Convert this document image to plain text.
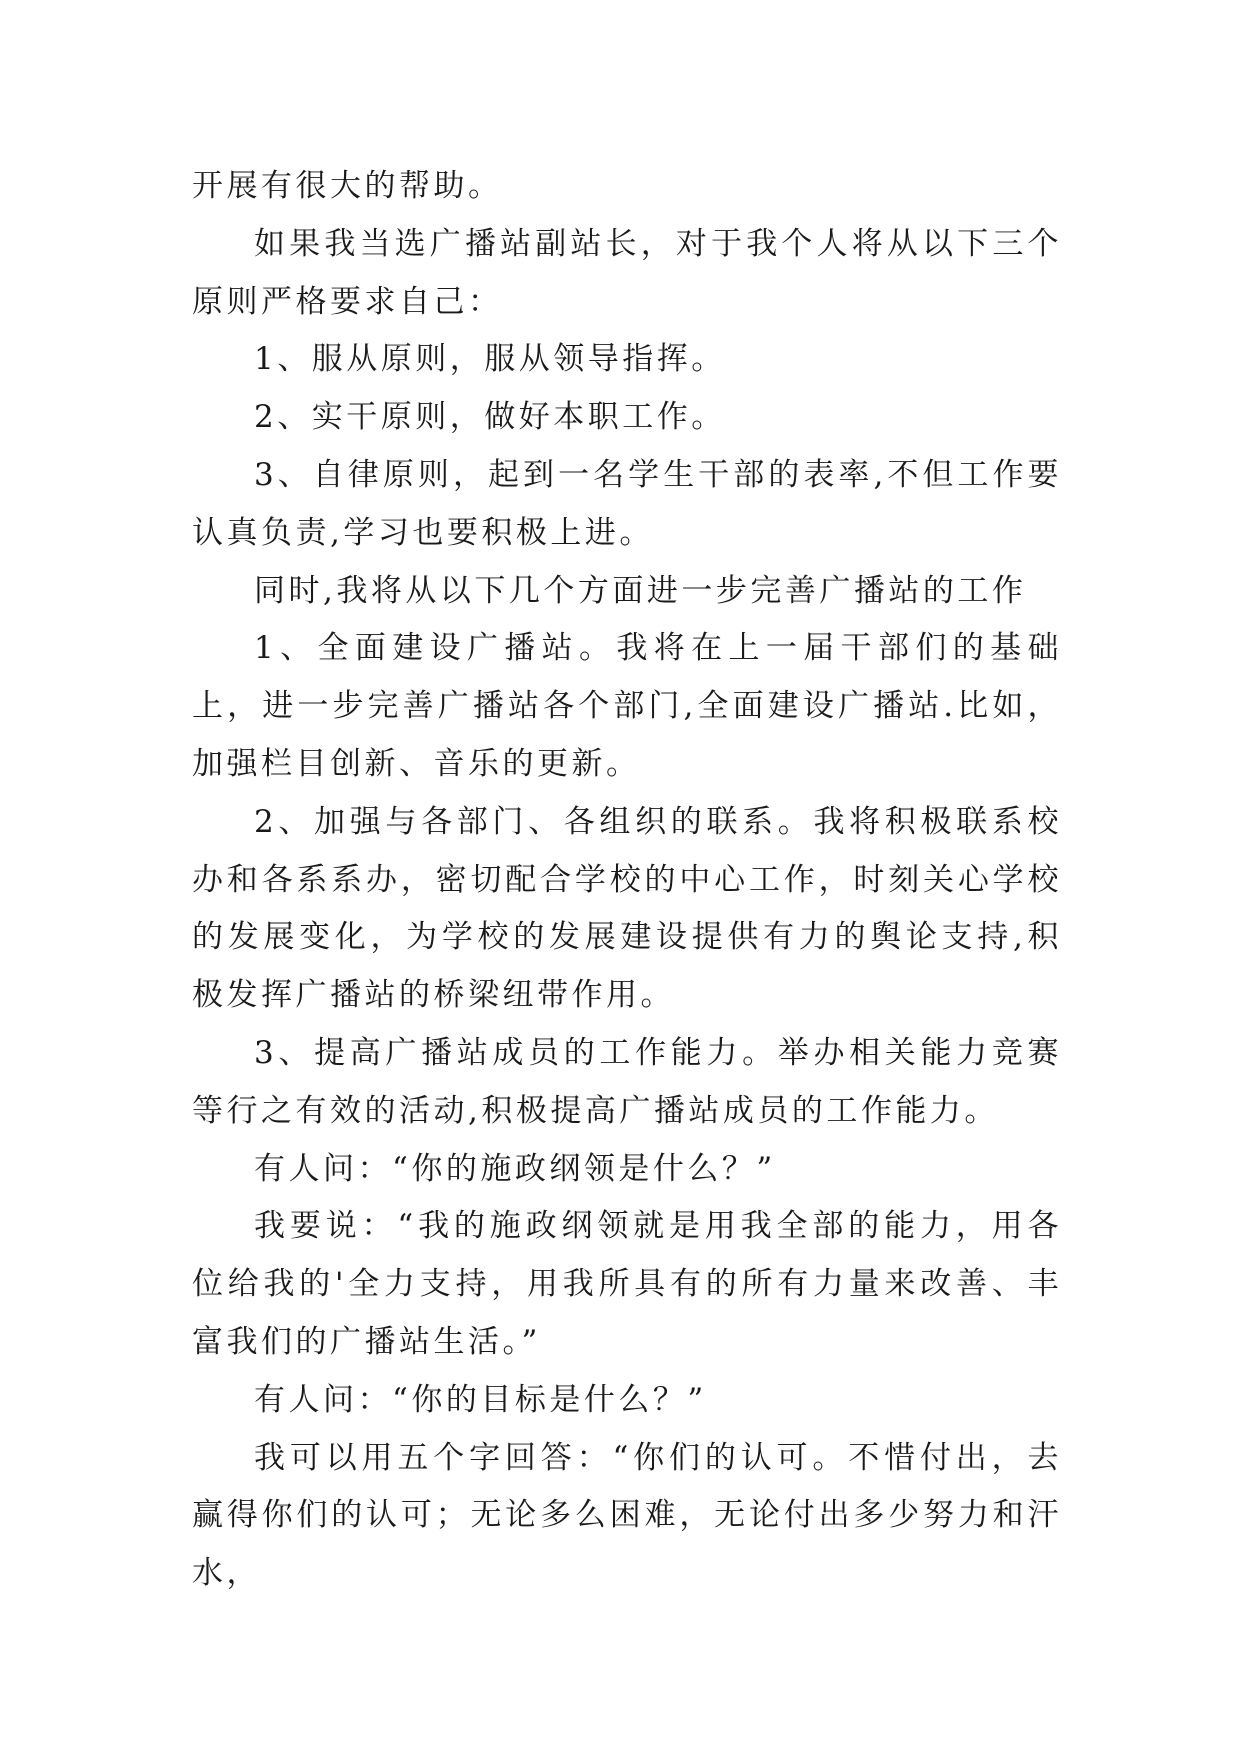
开展有很大的帮助。

如果我当选广播站副站长，对于我个人将从以下三个原则严格要求自己：

1、服从原则，服从领导指挥。

2、实干原则，做好本职工作。

3、自律原则，起到一名学生干部的表率,不但工作要认真负责,学习也要积极上进。

同时,我将从以下几个方面进一步完善广播站的工作

1、全面建设广播站。我将在上一届干部们的基础上，进一步完善广播站各个部门,全面建设广播站.比如，加强栏目创新、音乐的更新。

2、加强与各部门、各组织的联系。我将积极联系校办和各系系办，密切配合学校的中心工作，时刻关心学校的发展变化，为学校的发展建设提供有力的舆论支持,积极发挥广播站的桥梁纽带作用。

3、提高广播站成员的工作能力。举办相关能力竞赛等行之有效的活动,积极提高广播站成员的工作能力。

有人问：“你的施政纲领是什么？”

我要说：“我的施政纲领就是用我全部的能力，用各位给我的'全力支持，用我所具有的所有力量来改善、丰富我们的广播站生活。”

有人问：“你的目标是什么？”

我可以用五个字回答：“你们的认可。不惜付出，去赢得你们的认可；无论多么困难，无论付出多少努力和汗水，
